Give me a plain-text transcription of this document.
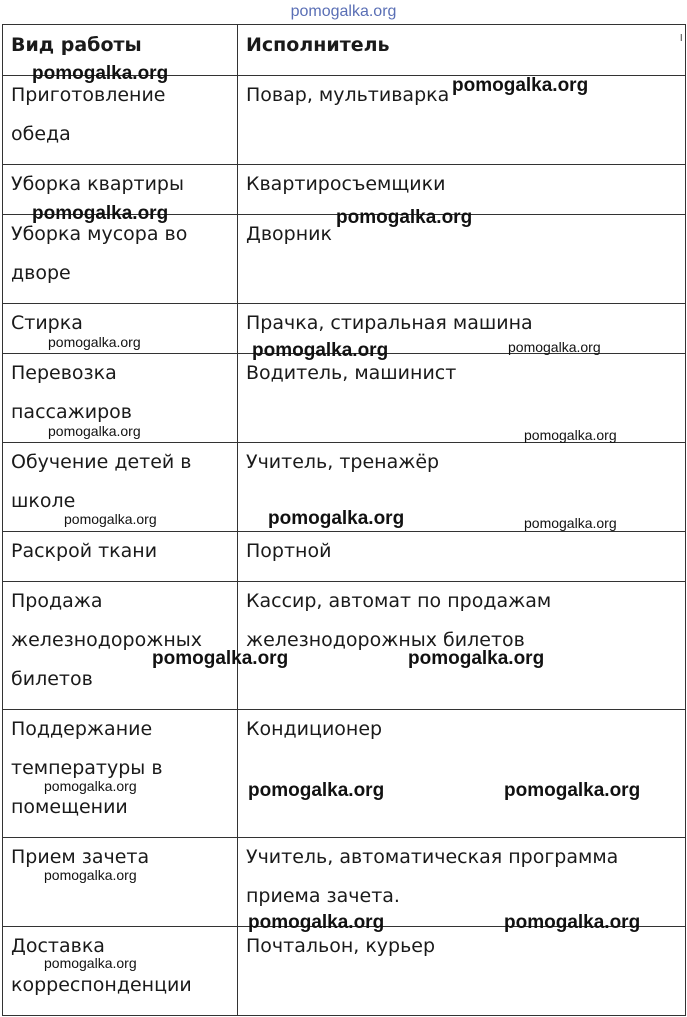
pomogalka.org
ı
Вид работы	Исполнитель

Приготовление
обеда	Повар, мультиварка

Уборка квартиры	Квартиросъемщики

Уборка мусора во
дворе	Дворник

Стирка	Прачка, стиральная машина

Перевозка
пассажиров	Водитель, машинист

Обучение детей в
школе	Учитель, тренажёр

Раскрой ткани	Портной

Продажа
железнодорожных
билетов	Кассир, автомат по продажам
железнодорожных билетов

Поддержание
температуры в
помещении	Кондиционер

Прием зачета	Учитель, автоматическая программа
приема зачета.

Доставка
корреспонденции	Почтальон, курьер
pomogalka.org
pomogalka.org
pomogalka.org	pomogalka.org
pomogalka.org	pomogalka.org	pomogalka.org
pomogalka.org	pomogalka.org
pomogalka.org	pomogalka.org	pomogalka.org
pomogalka.org	pomogalka.org
pomogalka.org	pomogalka.org	pomogalka.org
pomogalka.org
pomogalka.org	pomogalka.org
pomogalka.org
